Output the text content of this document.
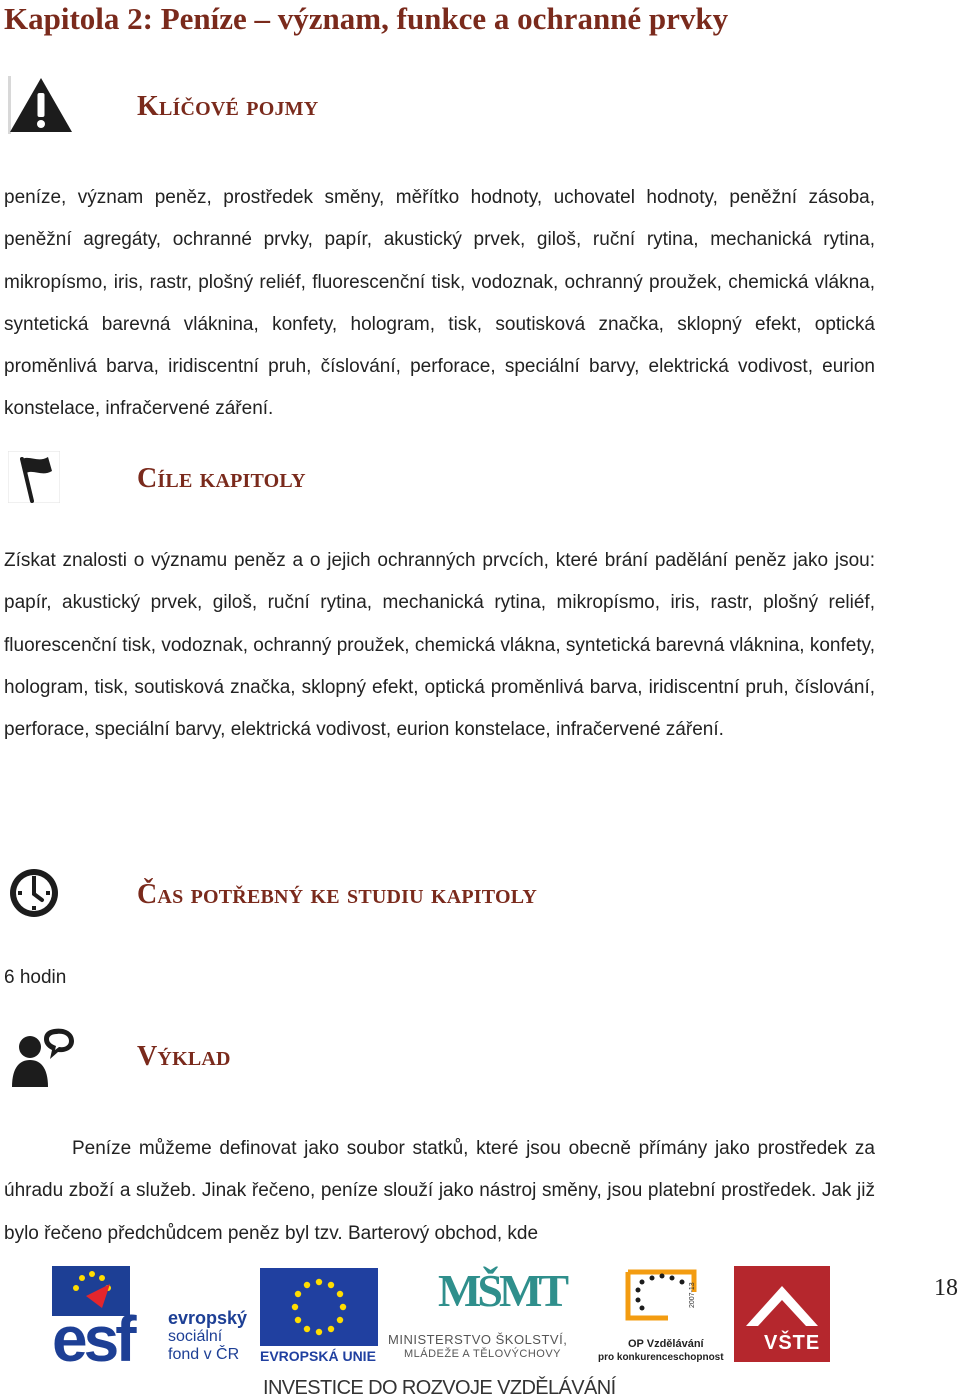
Kapitola 2: Peníze – význam, funkce a ochranné prvky
Klíčové pojmy

peníze, význam peněz, prostředek směny, měřítko hodnoty, uchovatel hodnoty, peněžní zásoba, peněžní agregáty, ochranné prvky, papír, akustický prvek, giloš, ruční rytina, mechanická rytina, mikropísmo, iris, rastr, plošný reliéf, fluorescenční tisk, vodoznak, ochranný proužek, chemická vlákna, syntetická barevná vláknina, konfety, hologram, tisk, soutisková značka, sklopný efekt, optická proměnlivá barva, iridiscentní pruh, číslování, perforace, speciální barvy, elektrická vodivost, eurion konstelace, infračervené záření.

Cíle kapitoly

Získat znalosti o významu peněz a o jejich ochranných prvcích, které brání padělání peněz jako jsou: papír, akustický prvek, giloš, ruční rytina, mechanická rytina, mikropísmo, iris, rastr, plošný reliéf, fluorescenční tisk, vodoznak, ochranný proužek, chemická vlákna, syntetická barevná vláknina, konfety, hologram, tisk, soutisková značka, sklopný efekt, optická proměnlivá barva, iridiscentní pruh, číslování, perforace, speciální barvy, elektrická vodivost, eurion konstelace, infračervené záření.

Čas potřebný ke studiu kapitoly

6 hodin

Výklad

Peníze můžeme definovat jako soubor statků, které jsou obecně přímány jako prostředek za úhradu zboží a služeb. Jinak řečeno, peníze slouží jako nástroj směny, jsou platební prostředek. Jak již bylo řečeno předchůdcem peněz byl tzv. Barterový obchod, kde

18
esf evropský
sociální
fond v ČR EVROPSKÁ UNIE
MŠMT
MINISTERSTVO ŠKOLSTVÍ,
MLÁDEŽE A TĚLOVÝCHOVY
2007-13
OP Vzdělávání
pro konkurenceschopnost
VŠTE
INVESTICE DO ROZVOJE VZDĚLÁVÁNÍ
